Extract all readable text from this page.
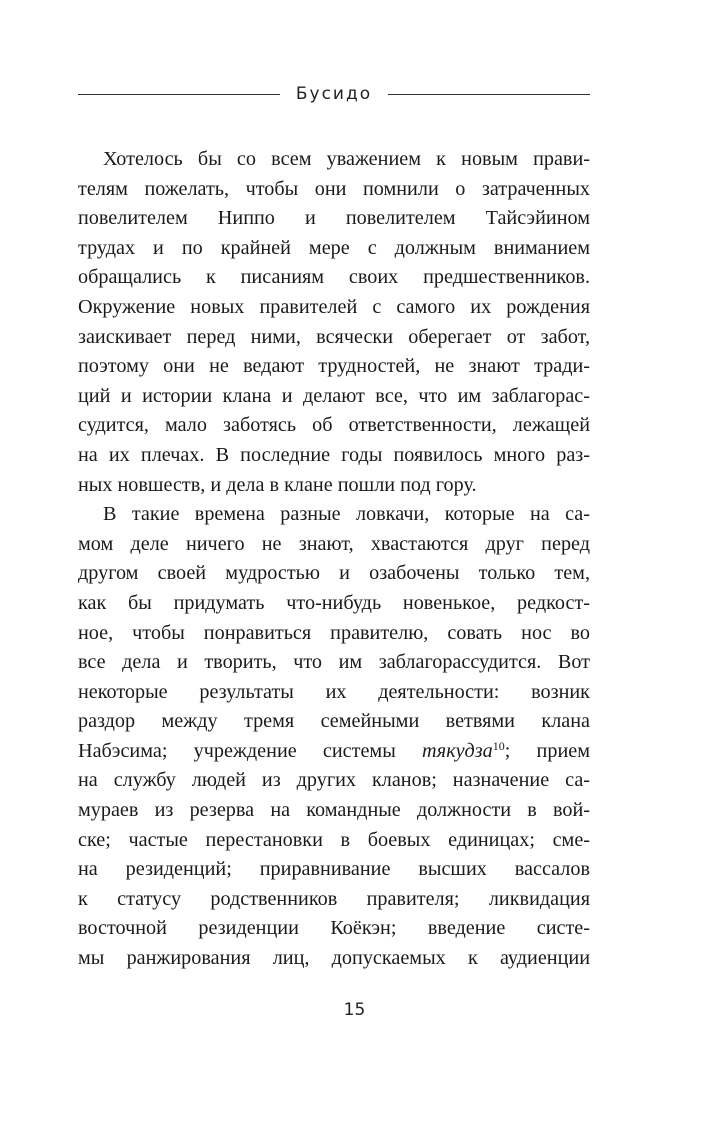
Бусидо
Хотелось бы со всем уважением к новым прави-
телям пожелать, чтобы они помнили о затраченных
повелителем Ниппо и повелителем Тайсэйином
трудах и по крайней мере с должным вниманием
обращались к писаниям своих предшественников.
Окружение новых правителей с самого их рождения
заискивает перед ними, всячески оберегает от забот,
поэтому они не ведают трудностей, не знают тради-
ций и истории клана и делают все, что им заблагорас-
судится, мало заботясь об ответственности, лежащей
на их плечах. В последние годы появилось много раз-
ных новшеств, и дела в клане пошли под гору.
В такие времена разные ловкачи, которые на са-
мом деле ничего не знают, хвастаются друг перед
другом своей мудростью и озабочены только тем,
как бы придумать что-нибудь новенькое, редкост-
ное, чтобы понравиться правителю, совать нос во
все дела и творить, что им заблагорассудится. Вот
некоторые результаты их деятельности: возник
раздор между тремя семейными ветвями клана
Набэсима; учреждение системы тякудза$^{10}$; прием
на службу людей из других кланов; назначение са-
мураев из резерва на командные должности в вой-
ске; частые перестановки в боевых единицах; сме-
на резиденций; приравнивание высших вассалов
к статусу родственников правителя; ликвидация
восточной резиденции Коёкэн; введение систе-
мы ранжирования лиц, допускаемых к аудиенции
15
